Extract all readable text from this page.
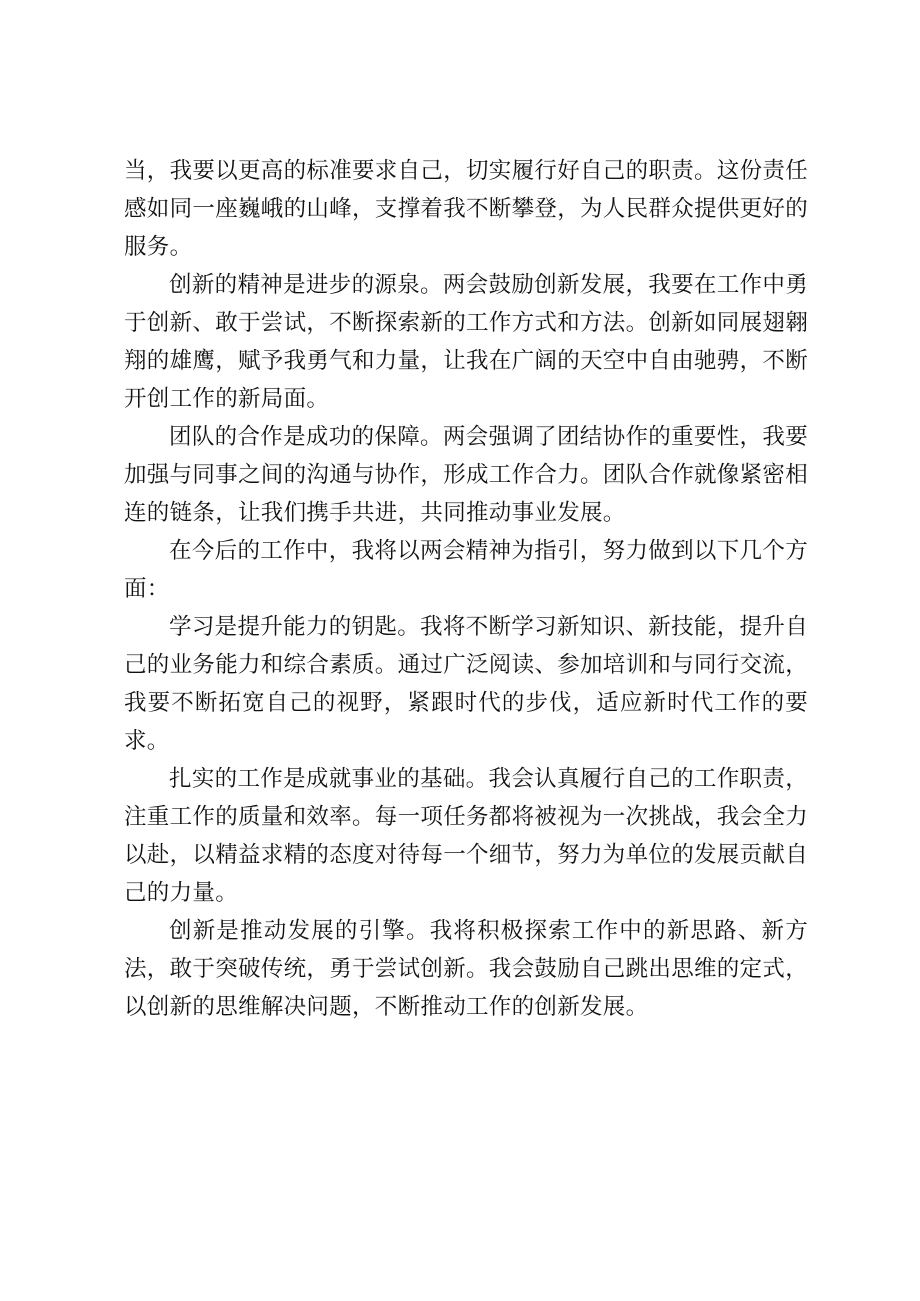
当，我要以更高的标准要求自己，切实履行好自己的职责。这份责任感如同一座巍峨的山峰，支撑着我不断攀登，为人民群众提供更好的服务。

创新的精神是进步的源泉。两会鼓励创新发展，我要在工作中勇于创新、敢于尝试，不断探索新的工作方式和方法。创新如同展翅翱翔的雄鹰，赋予我勇气和力量，让我在广阔的天空中自由驰骋，不断开创工作的新局面。

团队的合作是成功的保障。两会强调了团结协作的重要性，我要加强与同事之间的沟通与协作，形成工作合力。团队合作就像紧密相连的链条，让我们携手共进，共同推动事业发展。

在今后的工作中，我将以两会精神为指引，努力做到以下几个方面：

学习是提升能力的钥匙。我将不断学习新知识、新技能，提升自己的业务能力和综合素质。通过广泛阅读、参加培训和与同行交流，我要不断拓宽自己的视野，紧跟时代的步伐，适应新时代工作的要求。

扎实的工作是成就事业的基础。我会认真履行自己的工作职责，注重工作的质量和效率。每一项任务都将被视为一次挑战，我会全力以赴，以精益求精的态度对待每一个细节，努力为单位的发展贡献自己的力量。

创新是推动发展的引擎。我将积极探索工作中的新思路、新方法，敢于突破传统，勇于尝试创新。我会鼓励自己跳出思维的定式，以创新的思维解决问题，不断推动工作的创新发展。
